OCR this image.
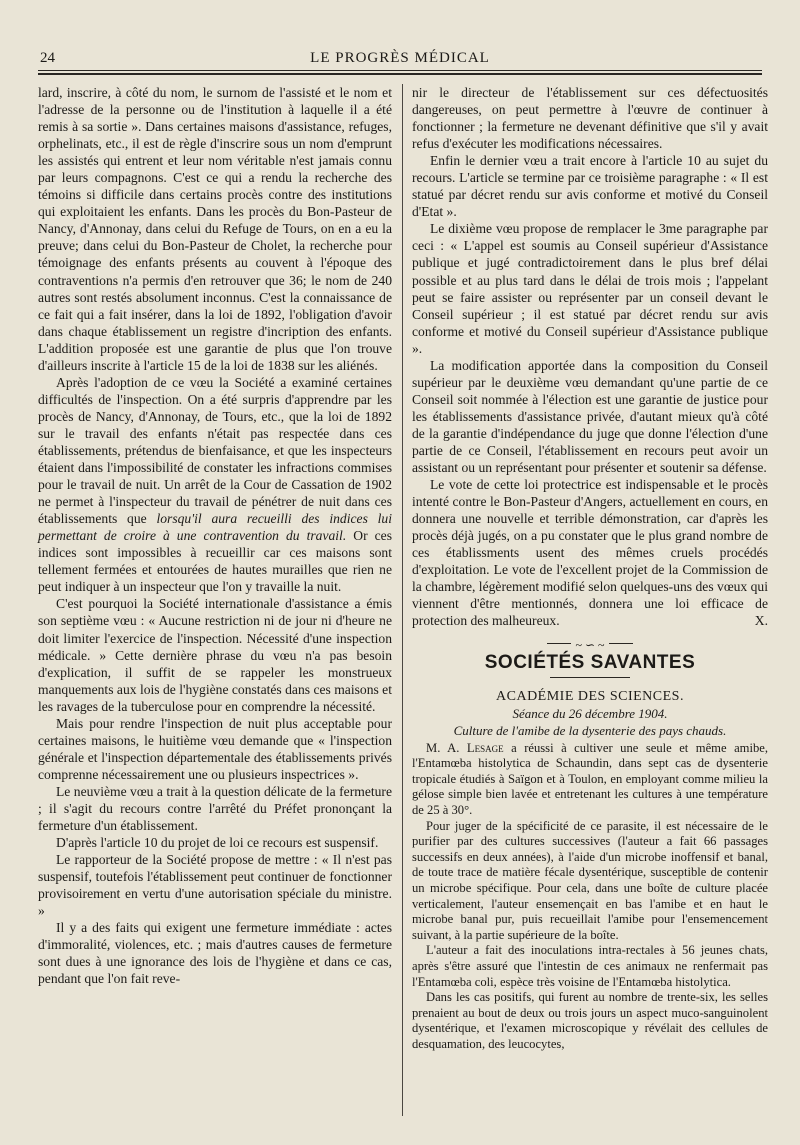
24	LE PROGRÈS MÉDICAL

lard, inscrire, à côté du nom, le surnom de l'assisté et le nom et l'adresse de la personne ou de l'institution à laquelle il a été remis à sa sortie ». Dans certaines maisons d'assistance, refuges, orphelinats, etc., il est de règle d'inscrire sous un nom d'emprunt les assistés qui entrent et leur nom véritable n'est jamais connu par leurs compagnons. C'est ce qui a rendu la recherche des témoins si difficile dans certains procès contre des institutions qui exploitaient les enfants. Dans les procès du Bon-Pasteur de Nancy, d'Annonay, dans celui du Refuge de Tours, on en a eu la preuve; dans celui du Bon-Pasteur de Cholet, la recherche pour témoignage des enfants présents au couvent à l'époque des contraventions n'a permis d'en retrouver que 36; le nom de 240 autres sont restés absolument inconnus. C'est la connaissance de ce fait qui a fait insérer, dans la loi de 1892, l'obligation d'avoir dans chaque établissement un registre d'incription des enfants. L'addition proposée est une garantie de plus que l'on trouve d'ailleurs inscrite à l'article 15 de la loi de 1838 sur les aliénés.

Après l'adoption de ce vœu la Société a examiné certaines difficultés de l'inspection. On a été surpris d'apprendre par les procès de Nancy, d'Annonay, de Tours, etc., que la loi de 1892 sur le travail des enfants n'était pas respectée dans ces établissements, prétendus de bienfaisance, et que les inspecteurs étaient dans l'impossibilité de constater les infractions commises pour le travail de nuit. Un arrêt de la Cour de Cassation de 1902 ne permet à l'inspecteur du travail de pénétrer de nuit dans ces établissements que lorsqu'il aura recueilli des indices lui permettant de croire à une contravention du travail. Or ces indices sont impossibles à recueillir car ces maisons sont tellement fermées et entourées de hautes murailles que rien ne peut indiquer à un inspecteur que l'on y travaille la nuit.

C'est pourquoi la Société internationale d'assistance a émis son septième vœu : « Aucune restriction ni de jour ni d'heure ne doit limiter l'exercice de l'inspection. Nécessité d'une inspection médicale. » Cette dernière phrase du vœu n'a pas besoin d'explication, il suffit de se rappeler les monstrueux manquements aux lois de l'hygiène constatés dans ces maisons et les ravages de la tuberculose pour en comprendre la nécessité.

Mais pour rendre l'inspection de nuit plus acceptable pour certaines maisons, le huitième vœu demande que « l'inspection générale et l'inspection départementale des établissements privés comprenne nécessairement une ou plusieurs inspectrices ».

Le neuvième vœu a trait à la question délicate de la fermeture ; il s'agit du recours contre l'arrêté du Préfet prononçant la fermeture d'un établissement.

D'après l'article 10 du projet de loi ce recours est suspensif.

Le rapporteur de la Société propose de mettre : « Il n'est pas suspensif, toutefois l'établissement peut continuer de fonctionner provisoirement en vertu d'une autorisation spéciale du ministre. »

Il y a des faits qui exigent une fermeture immédiate : actes d'immoralité, violences, etc. ; mais d'autres causes de fermeture sont dues à une ignorance des lois de l'hygiène et dans ce cas, pendant que l'on fait reve-

nir le directeur de l'établissement sur ces défectuosités dangereuses, on peut permettre à l'œuvre de continuer à fonctionner ; la fermeture ne devenant définitive que s'il y avait refus d'exécuter les modifications nécessaires.

Enfin le dernier vœu a trait encore à l'article 10 au sujet du recours. L'article se termine par ce troisième paragraphe : « Il est statué par décret rendu sur avis conforme et motivé du Conseil d'Etat ».

Le dixième vœu propose de remplacer le 3me paragraphe par ceci : « L'appel est soumis au Conseil supérieur d'Assistance publique et jugé contradictoirement dans le plus bref délai possible et au plus tard dans le délai de trois mois ; l'appelant peut se faire assister ou représenter par un conseil devant le Conseil supérieur ; il est statué par décret rendu sur avis conforme et motivé du Conseil supérieur d'Assistance publique ».

La modification apportée dans la composition du Conseil supérieur par le deuxième vœu demandant qu'une partie de ce Conseil soit nommée à l'élection est une garantie de justice pour les établissements d'assistance privée, d'autant mieux qu'à côté de la garantie d'indépendance du juge que donne l'élection d'une partie de ce Conseil, l'établissement en recours peut avoir un assistant ou un représentant pour présenter et soutenir sa défense.

Le vote de cette loi protectrice est indispensable et le procès intenté contre le Bon-Pasteur d'Angers, actuellement en cours, en donnera une nouvelle et terrible démonstration, car d'après les procès déjà jugés, on a pu constater que le plus grand nombre de ces établissments usent des mêmes cruels procédés d'exploitation. Le vote de l'excellent projet de la Commission de la chambre, légèrement modifié selon quelques-uns des vœux qui viennent d'être mentionnés, donnera une loi efficace de protection des malheureux.	X.

~ ∽ ~
SOCIÉTÉS SAVANTES
ACADÉMIE DES SCIENCES.
Séance du 26 décembre 1904.
Culture de l'amibe de la dysenterie des pays chauds.

M. A. Lesage a réussi à cultiver une seule et même amibe, l'Entamœba histolytica de Schaundin, dans sept cas de dysenterie tropicale étudiés à Saïgon et à Toulon, en employant comme milieu la gélose simple bien lavée et entretenant les cultures à une température de 25 à 30°.

Pour juger de la spécificité de ce parasite, il est nécessaire de le purifier par des cultures successives (l'auteur a fait 66 passages successifs en deux années), à l'aide d'un microbe inoffensif et banal, de toute trace de matière fécale dysentérique, susceptible de contenir un microbe spécifique. Pour cela, dans une boîte de culture placée verticalement, l'auteur ensemençait en bas l'amibe et en haut le microbe banal pur, puis recueillait l'amibe pour l'ensemencement suivant, à la partie supérieure de la boîte.

L'auteur a fait des inoculations intra-rectales à 56 jeunes chats, après s'être assuré que l'intestin de ces animaux ne renfermait pas l'Entamœba coli, espèce très voisine de l'Entamœba histolytica.

Dans les cas positifs, qui furent au nombre de trente-six, les selles prenaient au bout de deux ou trois jours un aspect muco-sanguinolent dysentérique, et l'examen microscopique y révélait des cellules de desquamation, des leucocytes,
